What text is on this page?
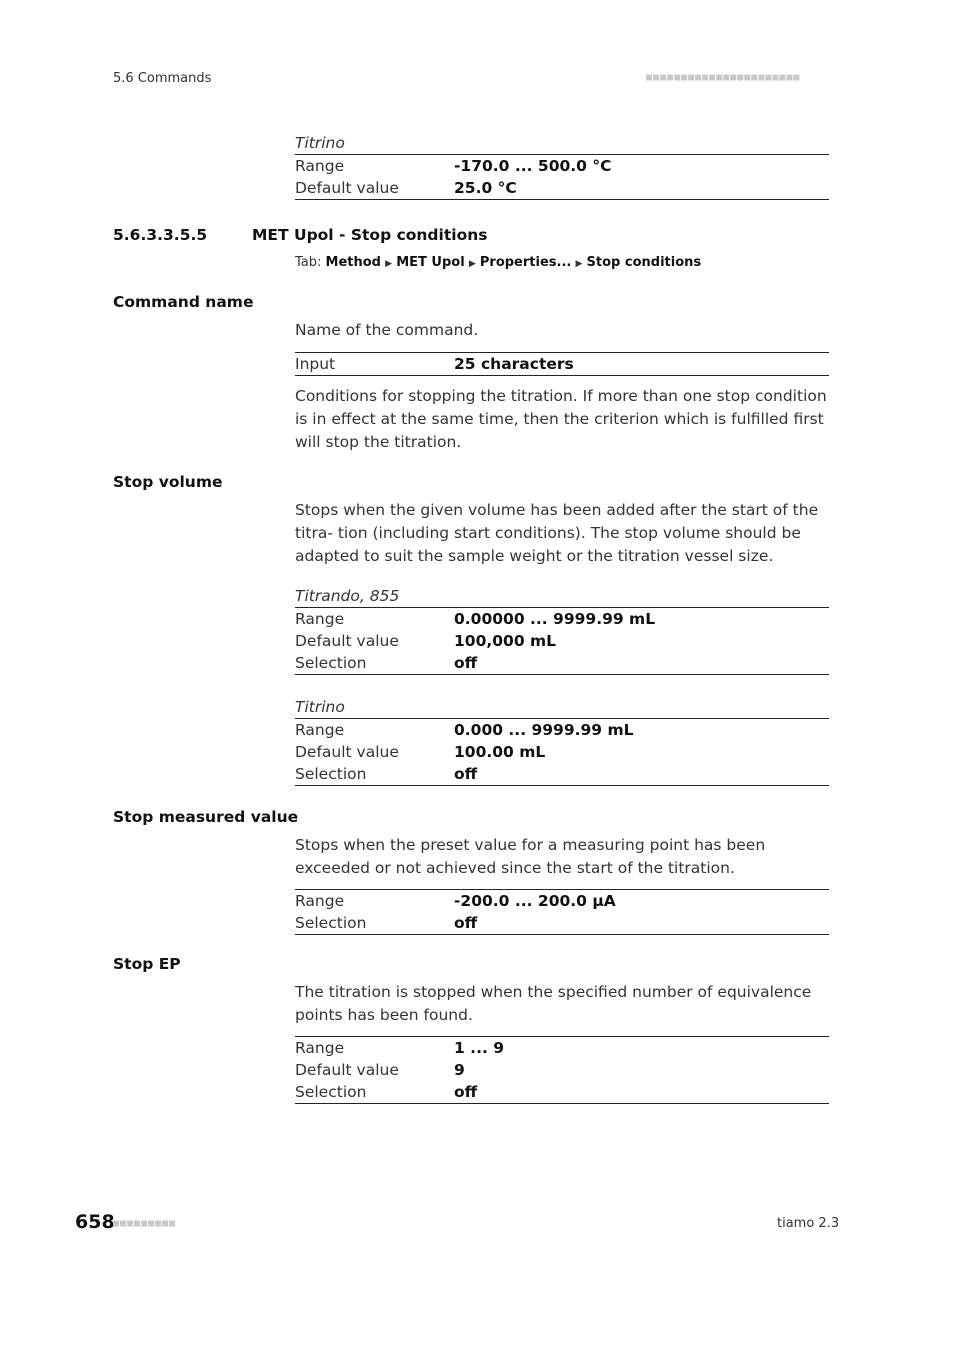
5.6 Commands	■■■■■■■■■■■■■■■■■■■■■■
Titrino
Range	-170.0 ... 500.0 °C
Default value	25.0 °C
5.6.3.3.5.5	MET Upol - Stop conditions
Tab: Method ▶ MET Upol ▶ Properties... ▶ Stop conditions
Command name
Name of the command.
Input	25 characters
Conditions for stopping the titration. If more than one stop condition is in effect at the same time, then the criterion which is fulfilled first will stop the titration.
Stop volume
Stops when the given volume has been added after the start of the titra- tion (including start conditions). The stop volume should be adapted to suit the sample weight or the titration vessel size.
Titrando, 855
Range	0.00000 ... 9999.99 mL
Default value	100,000 mL
Selection	off
Titrino
Range	0.000 ... 9999.99 mL
Default value	100.00 mL
Selection	off
Stop measured value
Stops when the preset value for a measuring point has been exceeded or not achieved since the start of the titration.
Range	-200.0 ... 200.0 µA
Selection	off
Stop EP
The titration is stopped when the specified number of equivalence points has been found.
Range	1 ... 9
Default value	9
Selection	off
658
■■■■■■■■■	tiamo 2.3
